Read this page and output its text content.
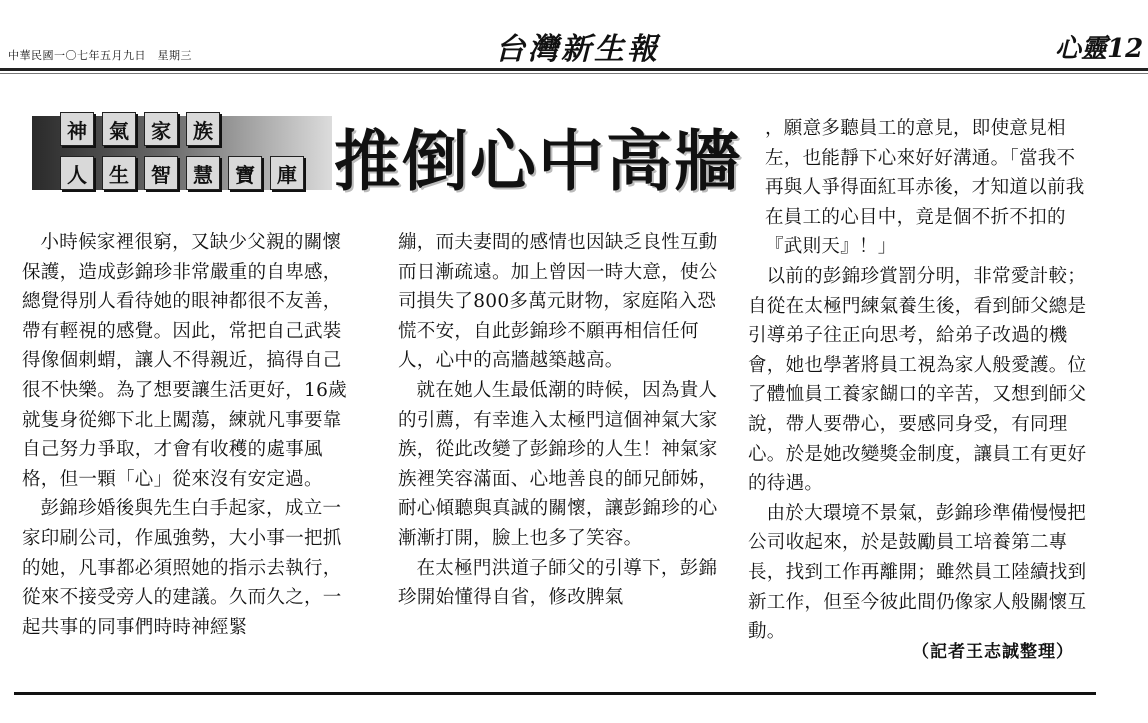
中華民國一〇七年五月九日　星期三	台灣新生報	心靈12
神	氣	家	族
人	生	智	慧	寶	庫 推倒心中高牆
小時候家裡很窮，又缺少父親的關懷保護，造成彭錦珍非常嚴重的自卑感，總覺得別人看待她的眼神都很不友善，帶有輕視的感覺。因此，常把自己武裝得像個刺蝟，讓人不得親近，搞得自己很不快樂。為了想要讓生活更好，16歲就隻身從鄉下北上闖蕩，練就凡事要靠自己努力爭取，才會有收穫的處事風格，但一顆「心」從來沒有安定過。
彭錦珍婚後與先生白手起家，成立一家印刷公司，作風強勢，大小事一把抓的她，凡事都必須照她的指示去執行，從來不接受旁人的建議。久而久之，一起共事的同事們時時神經緊
繃，而夫妻間的感情也因缺乏良性互動而日漸疏遠。加上曾因一時大意，使公司損失了800多萬元財物，家庭陷入恐慌不安，自此彭錦珍不願再相信任何人，心中的高牆越築越高。
就在她人生最低潮的時候，因為貴人的引薦，有幸進入太極門這個神氣大家族，從此改變了彭錦珍的人生！神氣家族裡笑容滿面、心地善良的師兄師姊，耐心傾聽與真誠的關懷，讓彭錦珍的心漸漸打開，臉上也多了笑容。
在太極門洪道子師父的引導下，彭錦珍開始懂得自省，修改脾氣
，願意多聽員工的意見，即使意見相左，也能靜下心來好好溝通。「當我不再與人爭得面紅耳赤後，才知道以前我在員工的心目中，竟是個不折不扣的『武則天』！」
以前的彭錦珍賞罰分明，非常愛計較；自從在太極門練氣養生後，看到師父總是引導弟子往正向思考，給弟子改過的機會，她也學著將員工視為家人般愛護。位了體恤員工養家餬口的辛苦，又想到師父說，帶人要帶心，要感同身受，有同理心。於是她改變獎金制度，讓員工有更好的待遇。
由於大環境不景氣，彭錦珍準備慢慢把公司收起來，於是鼓勵員工培養第二專長，找到工作再離開；雖然員工陸續找到新工作，但至今彼此間仍像家人般關懷互動。
（記者王志誠整理）
